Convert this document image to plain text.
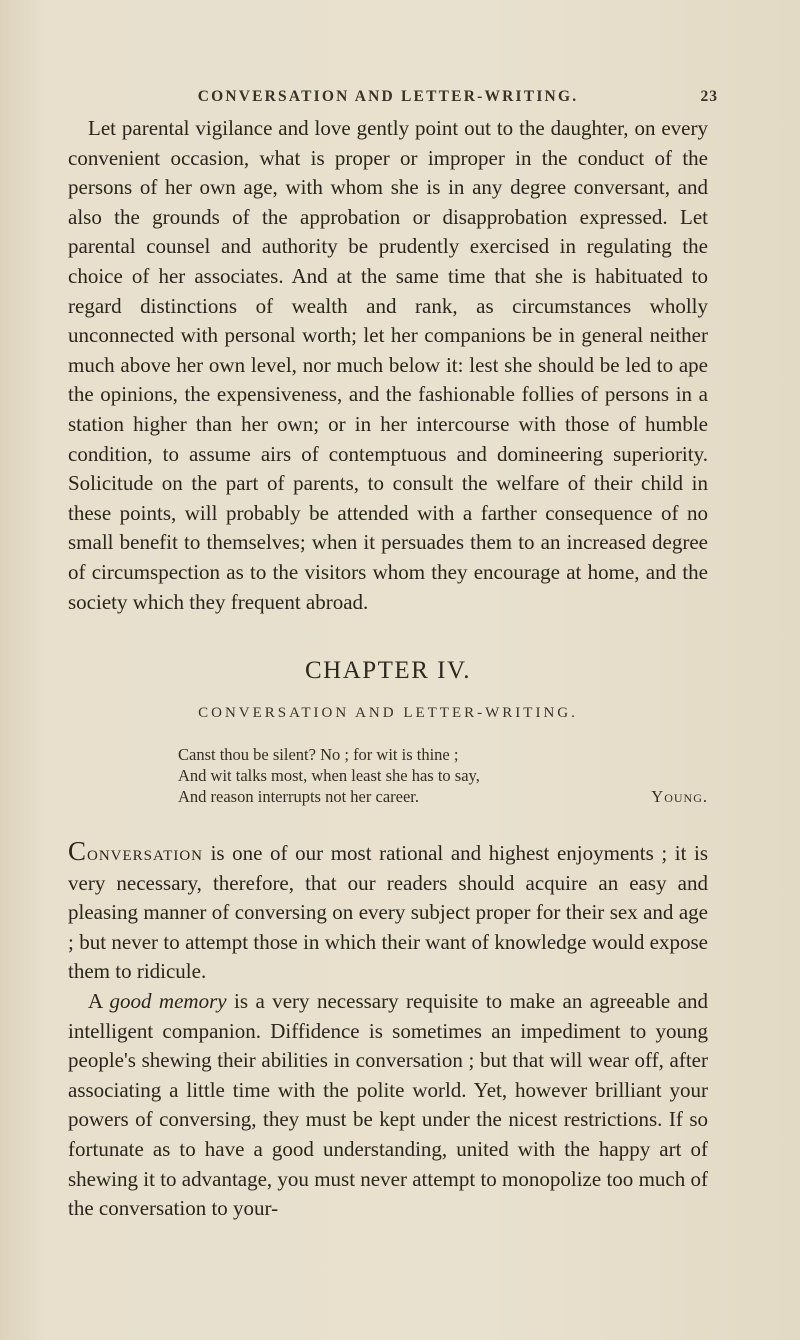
CONVERSATION AND LETTER-WRITING.	23

Let parental vigilance and love gently point out to the daughter, on every convenient occasion, what is proper or improper in the conduct of the persons of her own age, with whom she is in any degree conversant, and also the grounds of the approbation or disapprobation expressed. Let parental counsel and authority be prudently exercised in regulating the choice of her associates. And at the same time that she is habituated to regard distinctions of wealth and rank, as circumstances wholly unconnected with personal worth; let her companions be in general neither much above her own level, nor much below it: lest she should be led to ape the opinions, the expensiveness, and the fashionable follies of persons in a station higher than her own; or in her intercourse with those of humble condition, to assume airs of contemptuous and domineering superiority. Solicitude on the part of parents, to consult the welfare of their child in these points, will probably be attended with a farther consequence of no small benefit to themselves; when it persuades them to an increased degree of circumspection as to the visitors whom they encourage at home, and the society which they frequent abroad.

CHAPTER IV.
CONVERSATION AND LETTER-WRITING.
Canst thou be silent? No ; for wit is thine ;
And wit talks most, when least she has to say,
And reason interrupts not her career.	Young.

Conversation is one of our most rational and highest enjoyments ; it is very necessary, therefore, that our readers should acquire an easy and pleasing manner of conversing on every subject proper for their sex and age ; but never to attempt those in which their want of knowledge would expose them to ridicule.

A good memory is a very necessary requisite to make an agreeable and intelligent companion. Diffidence is sometimes an impediment to young people's shewing their abilities in conversation ; but that will wear off, after associating a little time with the polite world. Yet, however brilliant your powers of conversing, they must be kept under the nicest restrictions. If so fortunate as to have a good understanding, united with the happy art of shewing it to advantage, you must never attempt to monopolize too much of the conversation to your-
